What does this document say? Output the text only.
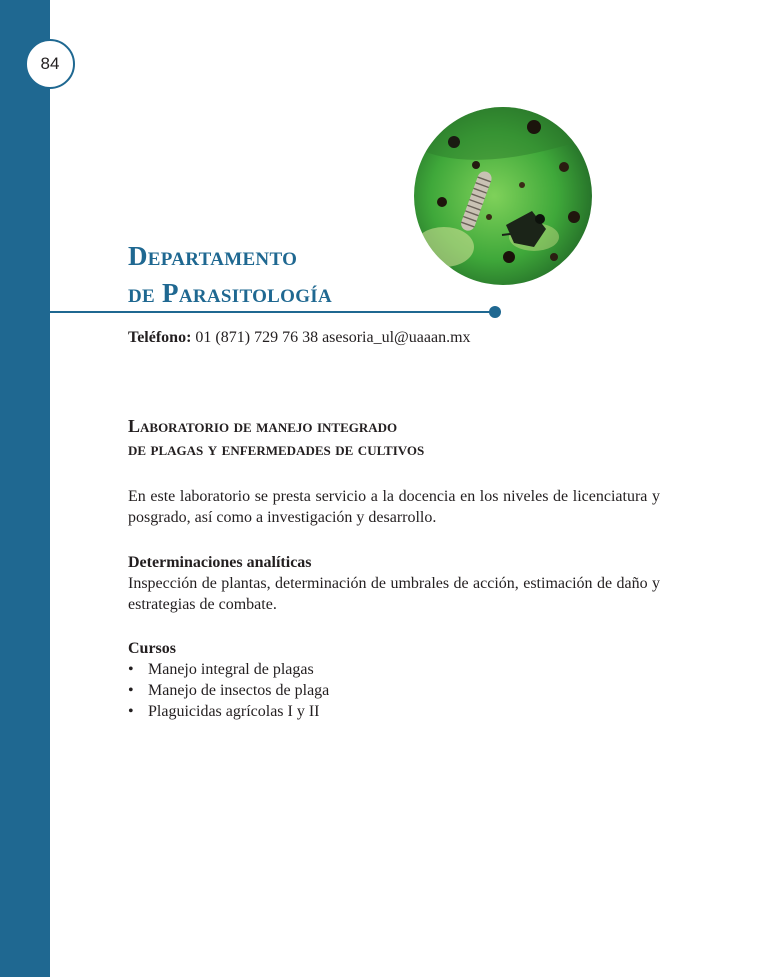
84
Departamento
de Parasitología

Teléfono: 01 (871) 729 76 38 asesoria_ul@uaaan.mx

Laboratorio de manejo integrado
de plagas y enfermedades de cultivos

En este laboratorio se presta servicio a la docencia en los niveles de licenciatura y posgrado, así como a investigación y desarrollo.

Determinaciones analíticas

Inspección de plantas, determinación de umbrales de acción, estimación de daño y estrategias de combate.

Cursos
• Manejo integral de plagas
• Manejo de insectos de plaga
• Plaguicidas agrícolas I y II
